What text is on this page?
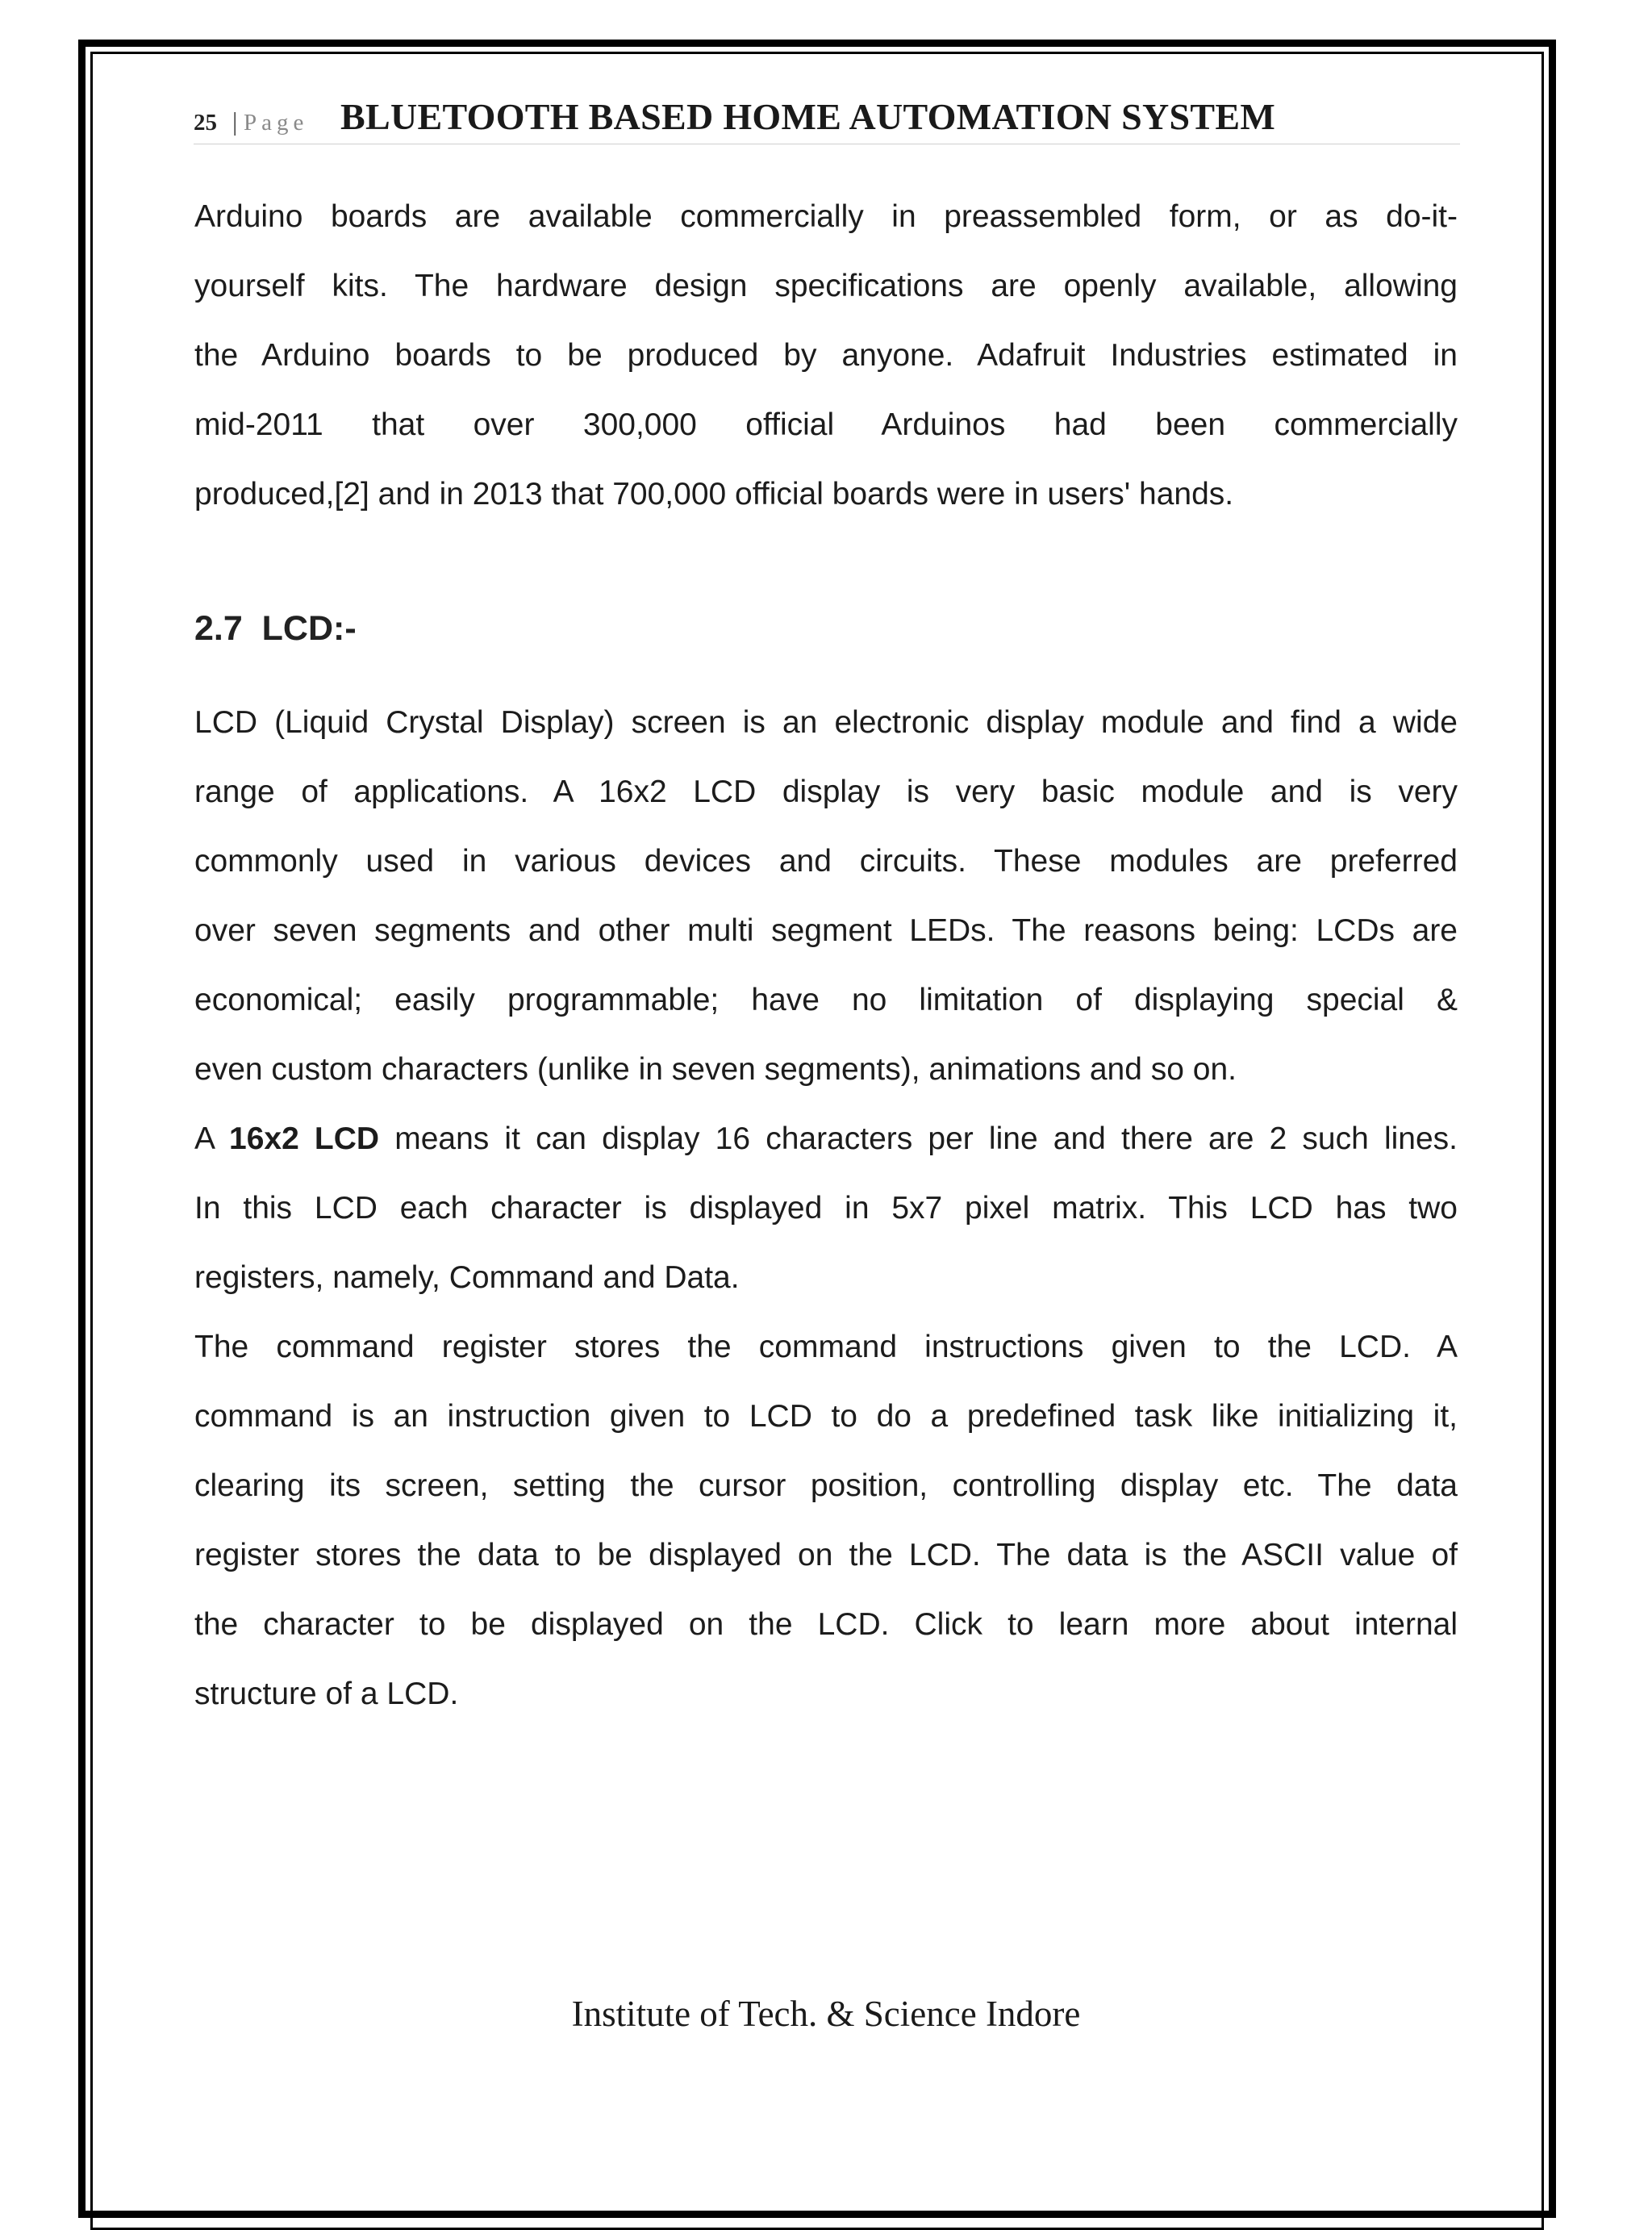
25 | Page BLUETOOTH BASED HOME AUTOMATION SYSTEM
Arduino boards are available commercially in preassembled form, or as do-it-
yourself kits. The hardware design specifications are openly available, allowing
the Arduino boards to be produced by anyone. Adafruit Industries estimated in
mid-2011 that over 300,000 official Arduinos had been commercially
produced,[2] and in 2013 that 700,000 official boards were in users' hands.
2.7  LCD:-
LCD (Liquid Crystal Display) screen is an electronic display module and find a wide
range of applications. A 16x2 LCD display is very basic module and is very
commonly used in various devices and circuits. These modules are preferred
over seven segments and other multi segment LEDs. The reasons being: LCDs are
economical; easily programmable; have no limitation of displaying special &
even custom characters (unlike in seven segments), animations and so on.
A 16x2 LCD means it can display 16 characters per line and there are 2 such lines.
In this LCD each character is displayed in 5x7 pixel matrix. This LCD has two
registers, namely, Command and Data.
The command register stores the command instructions given to the LCD. A
command is an instruction given to LCD to do a predefined task like initializing it,
clearing its screen, setting the cursor position, controlling display etc. The data
register stores the data to be displayed on the LCD. The data is the ASCII value of
the character to be displayed on the LCD. Click to learn more about internal
structure of a LCD.
Institute of Tech. & Science Indore
